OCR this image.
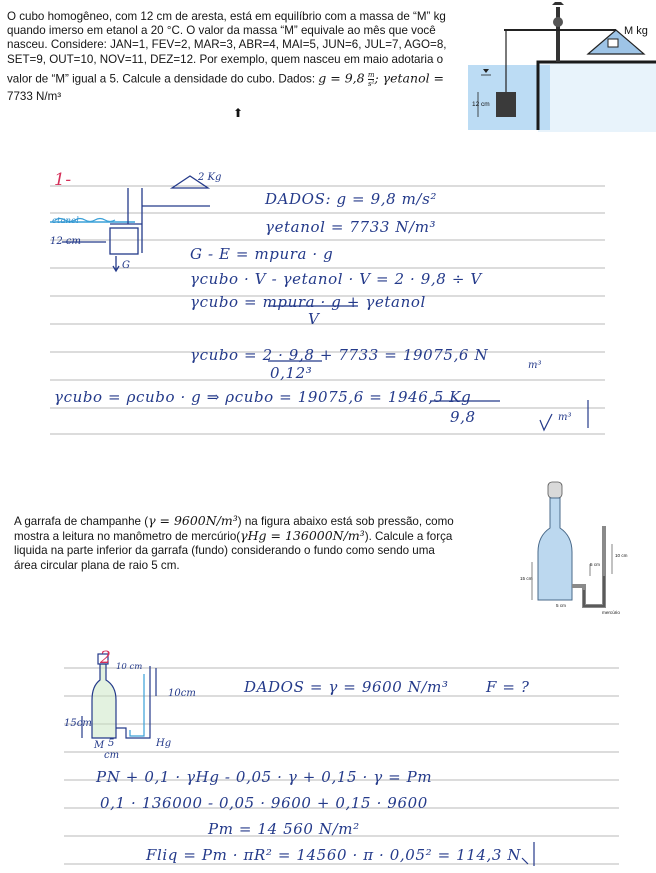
O cubo homogêneo, com 12 cm de aresta, está em equilíbrio com a massa de “M” kg
quando imerso em etanol a 20 °C. O valor da massa “M” equivale ao mês que você
nasceu. Considere: JAN=1, FEV=2, MAR=3, ABR=4, MAI=5, JUN=6, JUL=7, AGO=8,
SET=9, OUT=10, NOV=11, DEZ=12. Por exemplo, quem nasceu em maio adotaria o
valor de “M” igual a 5. Calcule a densidade do cubo. Dados: $g = 9,8 \frac{m}{\text{s²}}$ ; γetanol =
7733 N/m³
⬆
M kg
12 cm
1-	2 Kg
etanol
12 cm
G
DADOS: g = 9,8 m/s²
γetanol = 7733 N/m³
G - E = mpura · g
γcubo · V - γetanol · V = 2 · 9,8 ÷ V
γcubo = mpura · g + γetanol
V
γcubo = 2 · 9,8 + 7733 = 19075,6 N
0,12³	m³
γcubo = ρcubo · g ⇒ ρcubo = 19075,6 = 1946,5 Kg
9,8	m³
A garrafa de champanhe (γ = 9600N/m³) na figura abaixo está sob pressão, como
mostra a leitura no manômetro de mercúrio(γHg = 136000N/m³). Calcule a força
liquida na parte inferior da garrafa (fundo) considerando o fundo como sendo uma
área circular plana de raio 5 cm.
10 cm
5 cm
15 cm
5 cm
mercúrio
2 10 cm
15cm
M 5
cm
Hg
10cm	DADOS = γ = 9600 N/m³ F = ?
PN + 0,1 · γHg - 0,05 · γ + 0,15 · γ = Pm
0,1 · 136000 - 0,05 · 9600 + 0,15 · 9600
Pm = 14 560 N/m²
Fliq = Pm · πR² = 14560 · π · 0,05² = 114,3 N
